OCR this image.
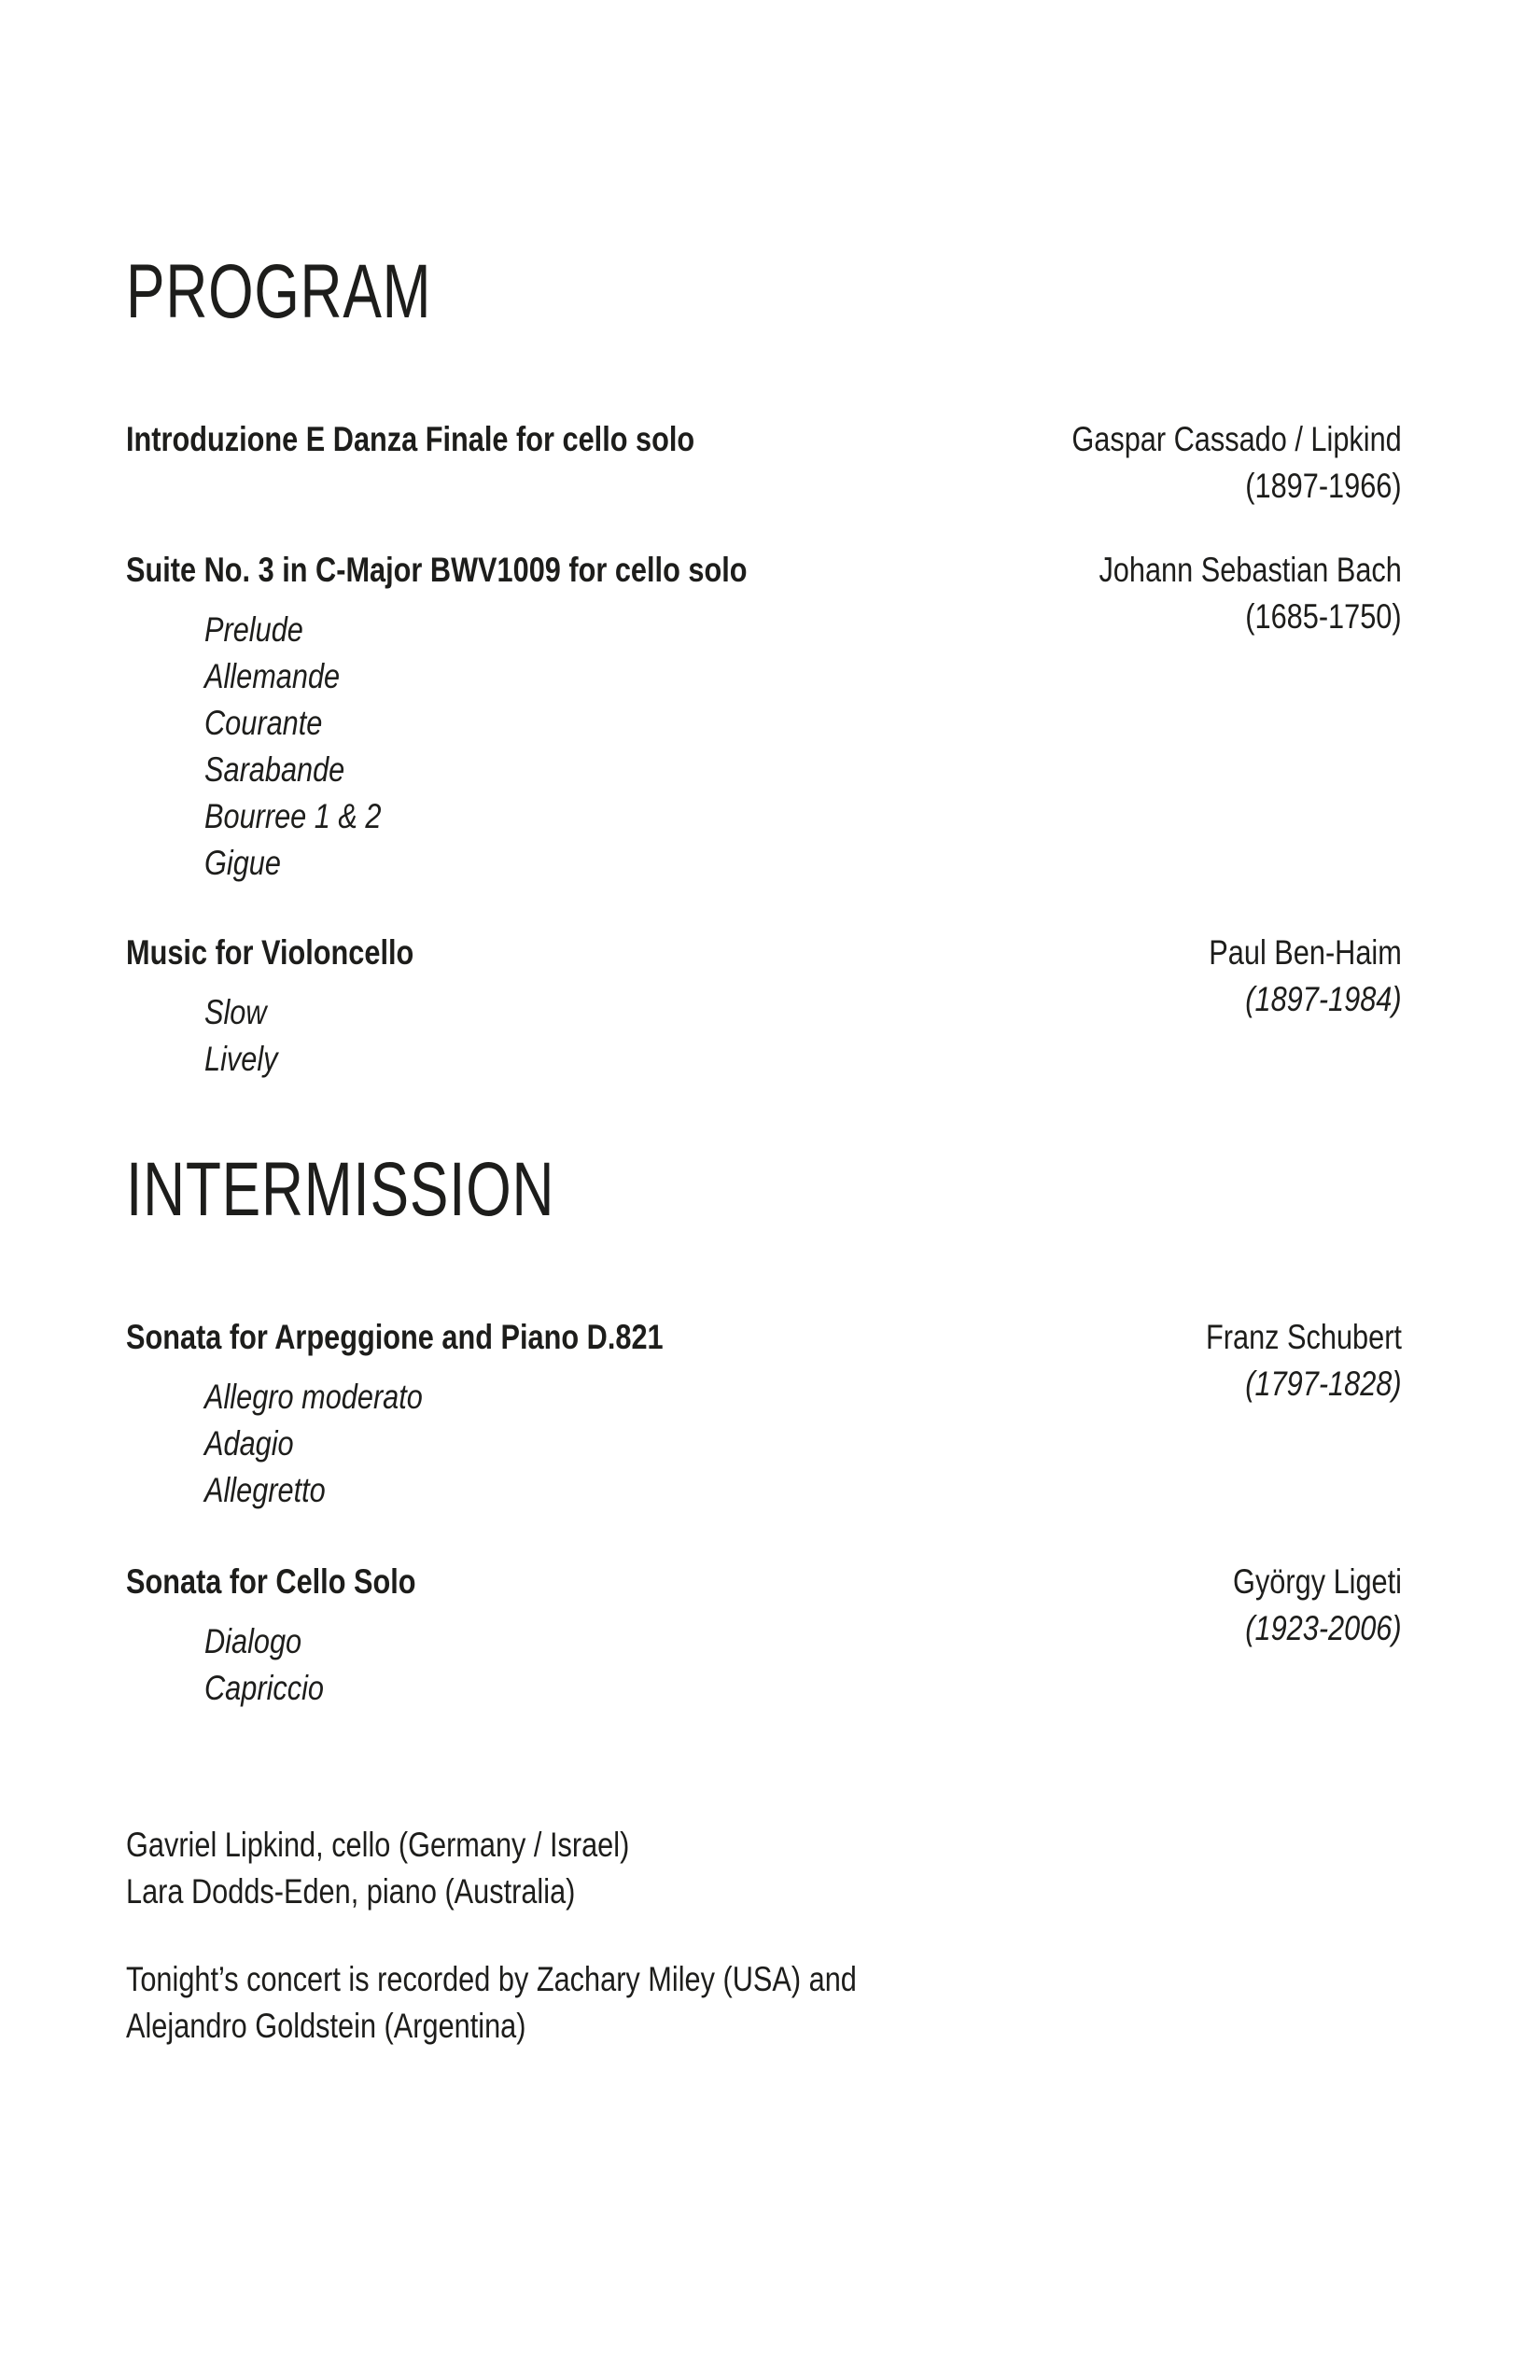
PROGRAM
Introduzione E Danza Finale for cello solo	Gaspar Cassado / Lipkind
(1897-1966)
Suite No. 3 in C-Major BWV1009 for cello solo
Prelude
Allemande
Courante
Sarabande
Bourree 1 & 2
Gigue
Johann Sebastian Bach
(1685-1750)
Music for Violoncello
Slow
Lively
Paul Ben-Haim
(1897-1984)
INTERMISSION
Sonata for Arpeggione and Piano D.821
Allegro moderato
Adagio
Allegretto
Franz Schubert
(1797-1828)
Sonata for Cello Solo
Dialogo
Capriccio
György Ligeti
(1923-2006)
Gavriel Lipkind, cello (Germany / Israel)
Lara Dodds-Eden, piano (Australia)
Tonight’s concert is recorded by Zachary Miley (USA) and
Alejandro Goldstein (Argentina)
